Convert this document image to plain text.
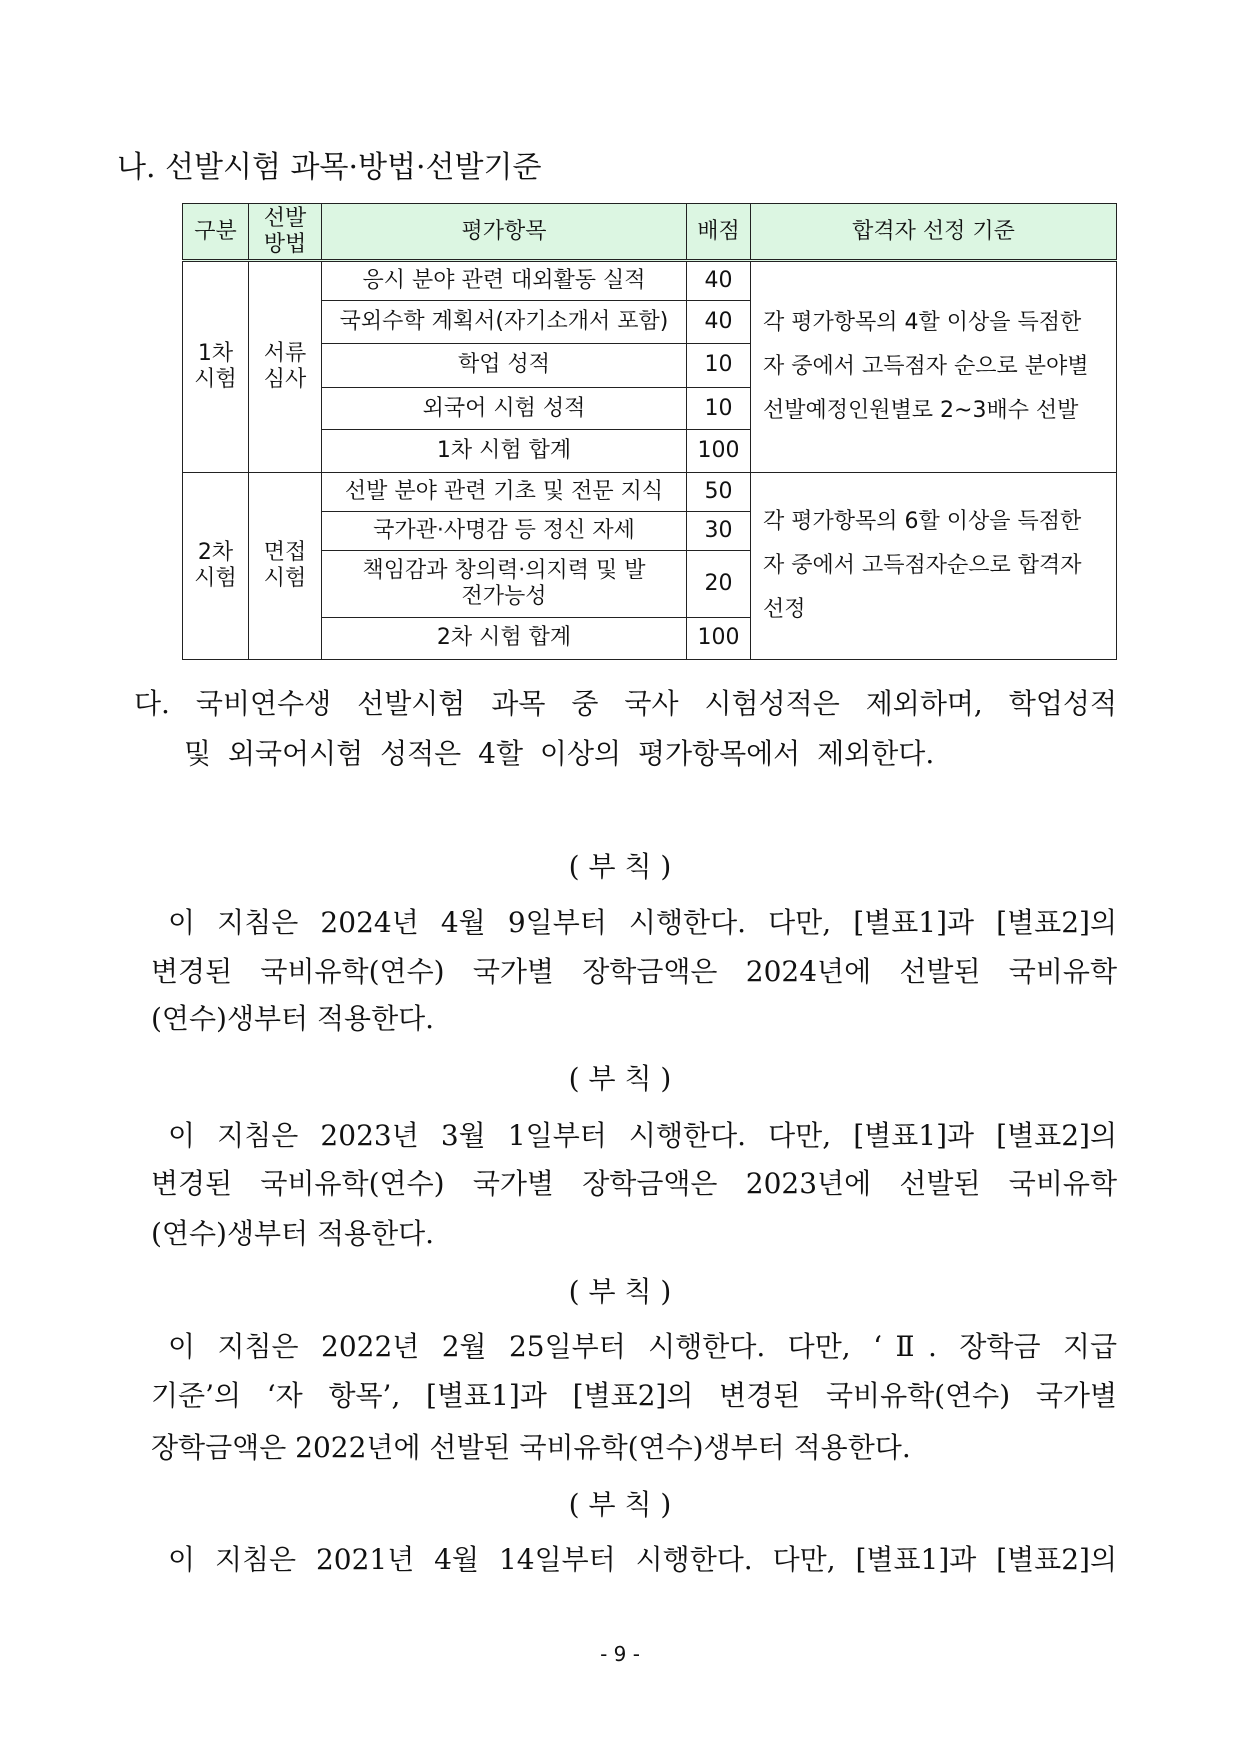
나. 선발시험 과목·방법·선발기준
구분	선발 방법	평가항목	배점	합격자 선정 기준
1차 시험	서류 심사	응시 분야 관련 대외활동 실적	40	각 평가항목의 4할 이상을 득점한 자 중에서 고득점자 순으로 분야별 선발예정인원별로 2~3배수 선발
		국외수학 계획서(자기소개서 포함)	40	
		학업 성적	10	
		외국어 시험 성적	10	
		1차 시험 합계	100	
2차 시험	면접 시험	선발 분야 관련 기초 및 전문 지식	50	각 평가항목의 6할 이상을 득점한 자 중에서 고득점자순으로 합격자 선정
		국가관·사명감 등 정신 자세	30	
		책임감과 창의력·의지력 및 발전가능성	20	
		2차 시험 합계	100	
다. 국비연수생 선발시험 과목 중 국사 시험성적은 제외하며, 학업성적
및 외국어시험 성적은 4할 이상의 평가항목에서 제외한다.
( 부 칙 )
이 지침은 2024년 4월 9일부터 시행한다. 다만, [별표1]과 [별표2]의
변경된 국비유학(연수) 국가별 장학금액은 2024년에 선발된 국비유학
(연수)생부터 적용한다.
( 부 칙 )
이 지침은 2023년 3월 1일부터 시행한다. 다만, [별표1]과 [별표2]의
변경된 국비유학(연수) 국가별 장학금액은 2023년에 선발된 국비유학
(연수)생부터 적용한다.
( 부 칙 )
이 지침은 2022년 2월 25일부터 시행한다. 다만, ‘Ⅱ. 장학금 지급
기준’의 ‘자 항목’, [별표1]과 [별표2]의 변경된 국비유학(연수) 국가별
장학금액은 2022년에 선발된 국비유학(연수)생부터 적용한다.
( 부 칙 )
이 지침은 2021년 4월 14일부터 시행한다. 다만, [별표1]과 [별표2]의
- 9 -
